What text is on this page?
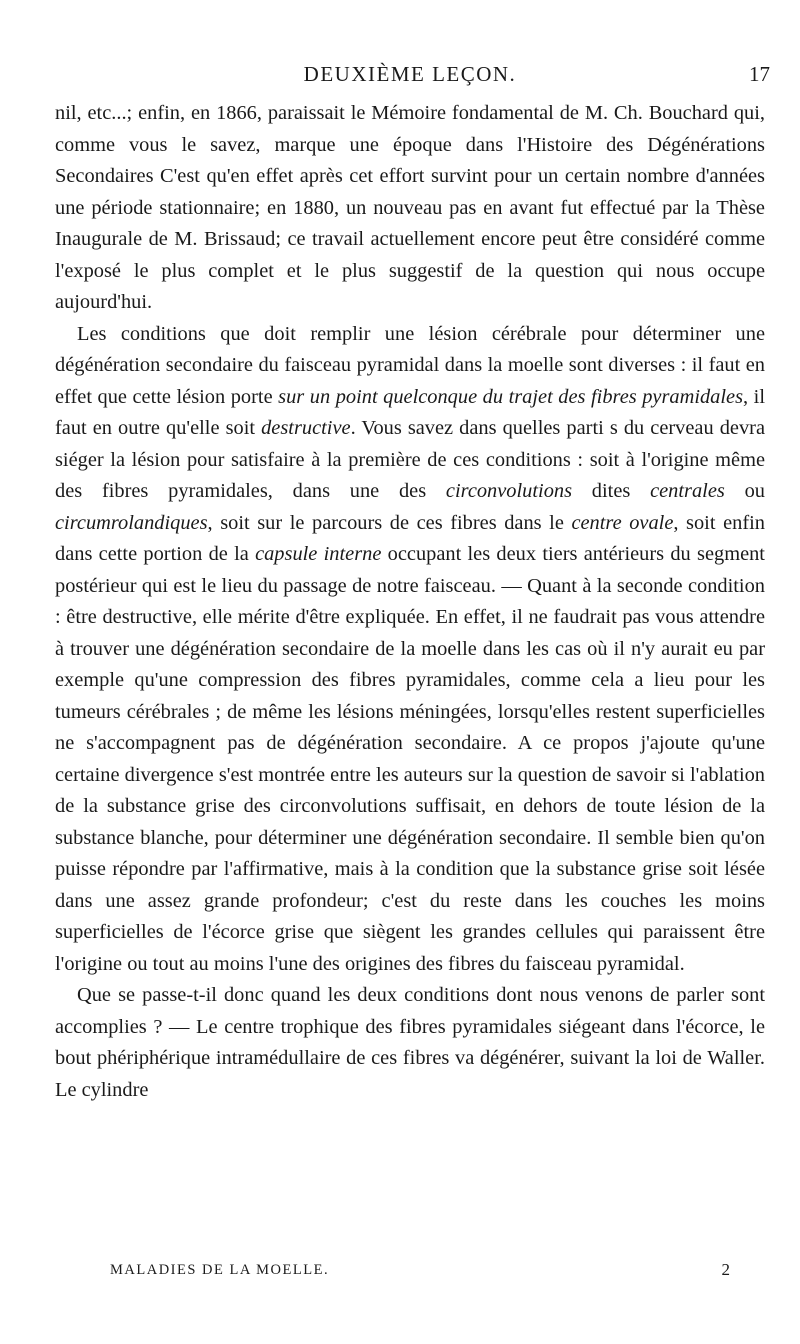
DEUXIÈME LEÇON.	17

nil, etc...; enfin, en 1866, paraissait le Mémoire fondamental de M. Ch. Bouchard qui, comme vous le savez, marque une époque dans l'Histoire des Dégénérations Secondaires C'est qu'en effet après cet effort survint pour un certain nombre d'années une période stationnaire; en 1880, un nouveau pas en avant fut effectué par la Thèse Inaugurale de M. Brissaud; ce travail actuellement encore peut être considéré comme l'exposé le plus complet et le plus suggestif de la question qui nous occupe aujourd'hui.

Les conditions que doit remplir une lésion cérébrale pour déterminer une dégénération secondaire du faisceau pyramidal dans la moelle sont diverses : il faut en effet que cette lésion porte sur un point quelconque du trajet des fibres pyramidales, il faut en outre qu'elle soit destructive. Vous savez dans quelles parti s du cerveau devra siéger la lésion pour satisfaire à la première de ces conditions : soit à l'origine même des fibres pyramidales, dans une des circonvolutions dites centrales ou circumrolandiques, soit sur le parcours de ces fibres dans le centre ovale, soit enfin dans cette portion de la capsule interne occupant les deux tiers antérieurs du segment postérieur qui est le lieu du passage de notre faisceau. — Quant à la seconde condition : être destructive, elle mérite d'être expliquée. En effet, il ne faudrait pas vous attendre à trouver une dégénération secondaire de la moelle dans les cas où il n'y aurait eu par exemple qu'une compression des fibres pyramidales, comme cela a lieu pour les tumeurs cérébrales ; de même les lésions méningées, lorsqu'elles restent superficielles ne s'accompagnent pas de dégénération secondaire. A ce propos j'ajoute qu'une certaine divergence s'est montrée entre les auteurs sur la question de savoir si l'ablation de la substance grise des circonvolutions suffisait, en dehors de toute lésion de la substance blanche, pour déterminer une dégénération secondaire. Il semble bien qu'on puisse répondre par l'affirmative, mais à la condition que la substance grise soit lésée dans une assez grande profondeur; c'est du reste dans les couches les moins superficielles de l'écorce grise que siègent les grandes cellules qui paraissent être l'origine ou tout au moins l'une des origines des fibres du faisceau pyramidal.

Que se passe-t-il donc quand les deux conditions dont nous venons de parler sont accomplies ? — Le centre trophique des fibres pyramidales siégeant dans l'écorce, le bout phériphérique intramédullaire de ces fibres va dégénérer, suivant la loi de Waller. Le cylindre

MALADIES DE LA MOELLE.	2
